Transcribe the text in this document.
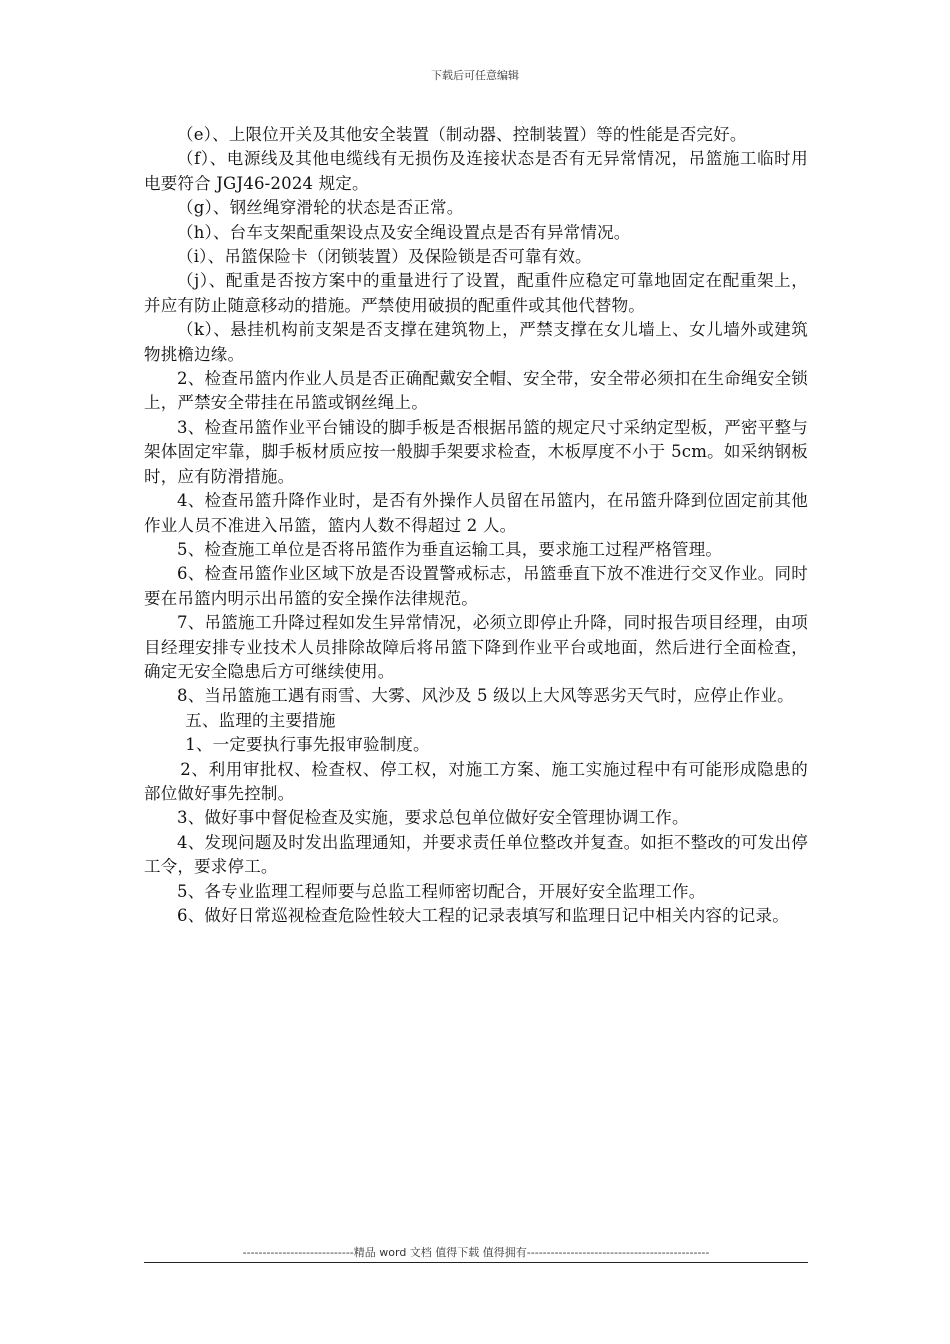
下载后可任意编辑

（e）、上限位开关及其他安全装置（制动器、控制装置）等的性能是否完好。

（f）、电源线及其他电缆线有无损伤及连接状态是否有无异常情况，吊篮施工临时用电要符合 JGJ46-2024 规定。

（g）、钢丝绳穿滑轮的状态是否正常。

（h）、台车支架配重架设点及安全绳设置点是否有异常情况。

（i）、吊篮保险卡（闭锁装置）及保险锁是否可靠有效。

（j）、配重是否按方案中的重量进行了设置，配重件应稳定可靠地固定在配重架上，并应有防止随意移动的措施。严禁使用破损的配重件或其他代替物。

（k）、悬挂机构前支架是否支撑在建筑物上，严禁支撑在女儿墙上、女儿墙外或建筑物挑檐边缘。

2、检查吊篮内作业人员是否正确配戴安全帽、安全带，安全带必须扣在生命绳安全锁上，严禁安全带挂在吊篮或钢丝绳上。

3、检查吊篮作业平台铺设的脚手板是否根据吊篮的规定尺寸采纳定型板，严密平整与架体固定牢靠，脚手板材质应按一般脚手架要求检查，木板厚度不小于 5cm。如采纳钢板时，应有防滑措施。

4、检查吊篮升降作业时，是否有外操作人员留在吊篮内，在吊篮升降到位固定前其他作业人员不准进入吊篮，篮内人数不得超过 2 人。

5、检查施工单位是否将吊篮作为垂直运输工具，要求施工过程严格管理。

6、检查吊篮作业区域下放是否设置警戒标志，吊篮垂直下放不准进行交叉作业。同时要在吊篮内明示出吊篮的安全操作法律规范。

7、吊篮施工升降过程如发生异常情况，必须立即停止升降，同时报告项目经理，由项目经理安排专业技术人员排除故障后将吊篮下降到作业平台或地面，然后进行全面检查，确定无安全隐患后方可继续使用。

8、当吊篮施工遇有雨雪、大雾、风沙及 5 级以上大风等恶劣天气时，应停止作业。

五、监理的主要措施

1、一定要执行事先报审验制度。

2、利用审批权、检查权、停工权，对施工方案、施工实施过程中有可能形成隐患的部位做好事先控制。

3、做好事中督促检查及实施，要求总包单位做好安全管理协调工作。

4、发现问题及时发出监理通知，并要求责任单位整改并复查。如拒不整改的可发出停工令，要求停工。

5、各专业监理工程师要与总监工程师密切配合，开展好安全监理工作。

6、做好日常巡视检查危险性较大工程的记录表填写和监理日记中相关内容的记录。

----------------------------精品 word 文档 值得下载 值得拥有----------------------------------------------
